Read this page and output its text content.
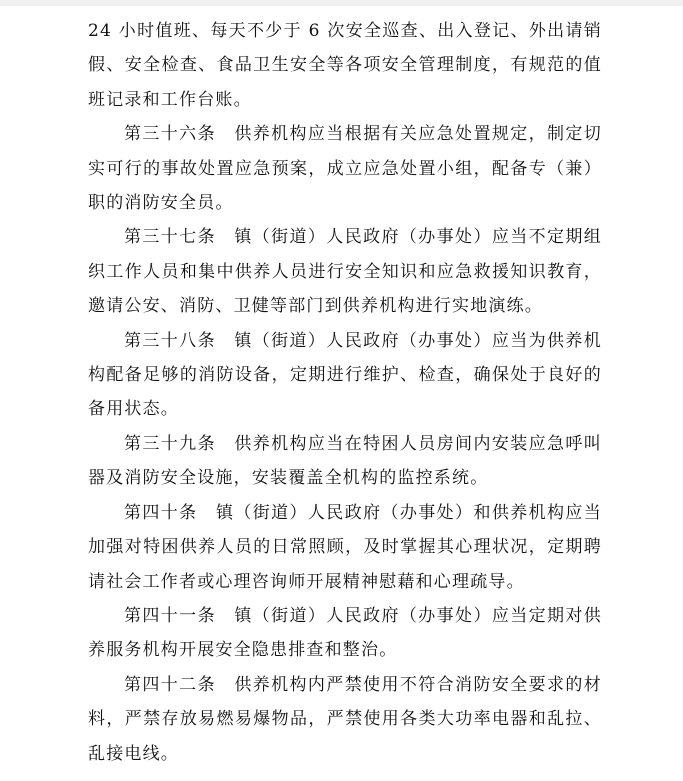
24 小时值班、每天不少于 6 次安全巡查、出入登记、外出请销假、安全检查、食品卫生安全等各项安全管理制度，有规范的值班记录和工作台账。

第三十六条　供养机构应当根据有关应急处置规定，制定切实可行的事故处置应急预案，成立应急处置小组，配备专（兼）职的消防安全员。

第三十七条　镇（街道）人民政府（办事处）应当不定期组织工作人员和集中供养人员进行安全知识和应急救援知识教育，邀请公安、消防、卫健等部门到供养机构进行实地演练。

第三十八条　镇（街道）人民政府（办事处）应当为供养机构配备足够的消防设备，定期进行维护、检查，确保处于良好的备用状态。

第三十九条　供养机构应当在特困人员房间内安装应急呼叫器及消防安全设施，安装覆盖全机构的监控系统。

第四十条　镇（街道）人民政府（办事处）和供养机构应当加强对特困供养人员的日常照顾，及时掌握其心理状况，定期聘请社会工作者或心理咨询师开展精神慰藉和心理疏导。

第四十一条　镇（街道）人民政府（办事处）应当定期对供养服务机构开展安全隐患排查和整治。

第四十二条　供养机构内严禁使用不符合消防安全要求的材料，严禁存放易燃易爆物品，严禁使用各类大功率电器和乱拉、乱接电线。
